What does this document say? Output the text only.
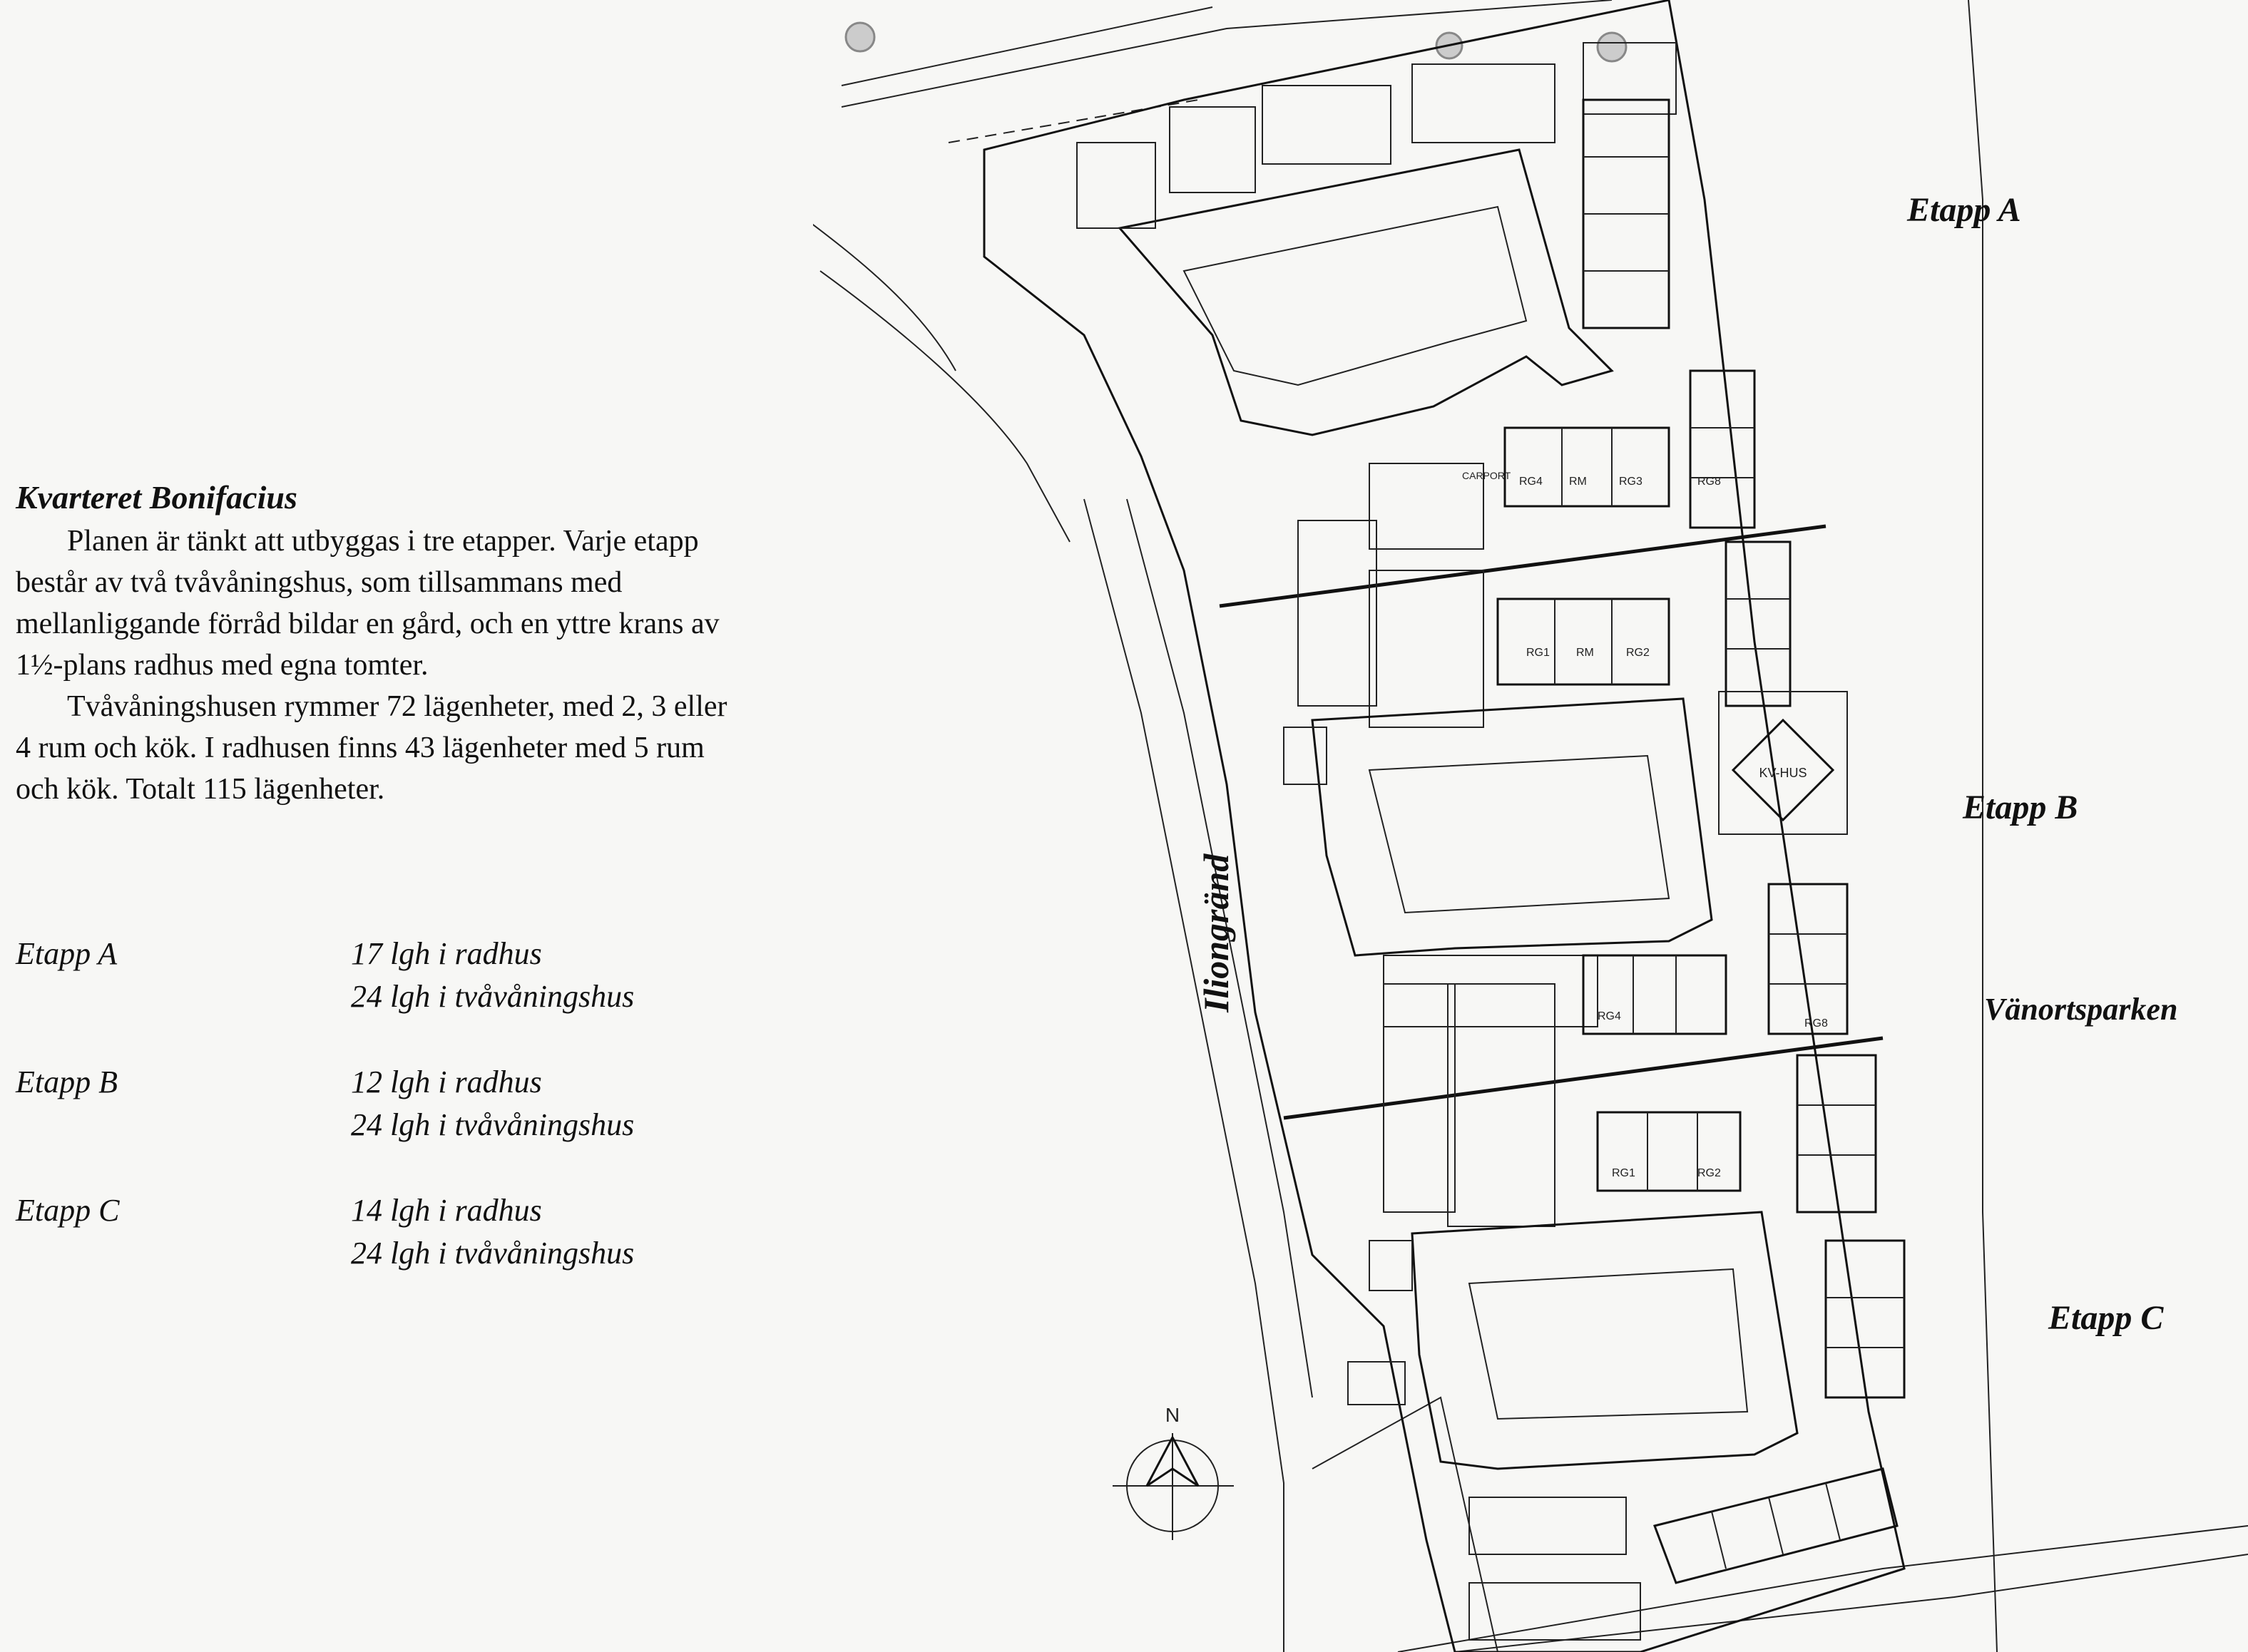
Kvarteret Bonifacius

Planen är tänkt att utbyggas i tre etapper. Varje etapp består av två tvåvåningshus, som tillsammans med mellanliggande förråd bildar en gård, och en yttre krans av 1½-plans radhus med egna tomter.

Tvåvåningshusen rymmer 72 lägenheter, med 2, 3 eller 4 rum och kök. I radhusen finns 43 lägenheter med 5 rum och kök. Totalt 115 lägenheter.

Etapp A	17 lgh i radhus
24 lgh i tvåvåningshus
Etapp B	12 lgh i radhus
24 lgh i tvåvåningshus
Etapp C	14 lgh i radhus
24 lgh i tvåvåningshus
KV-HUS
CARPORT RG4 RM	RG3
RG1 RM	RG2
RG8
RG4
RG8
RG1	RG2
Etapp A
Etapp B
Vänortsparken
Etapp C
Iliongränd
N
